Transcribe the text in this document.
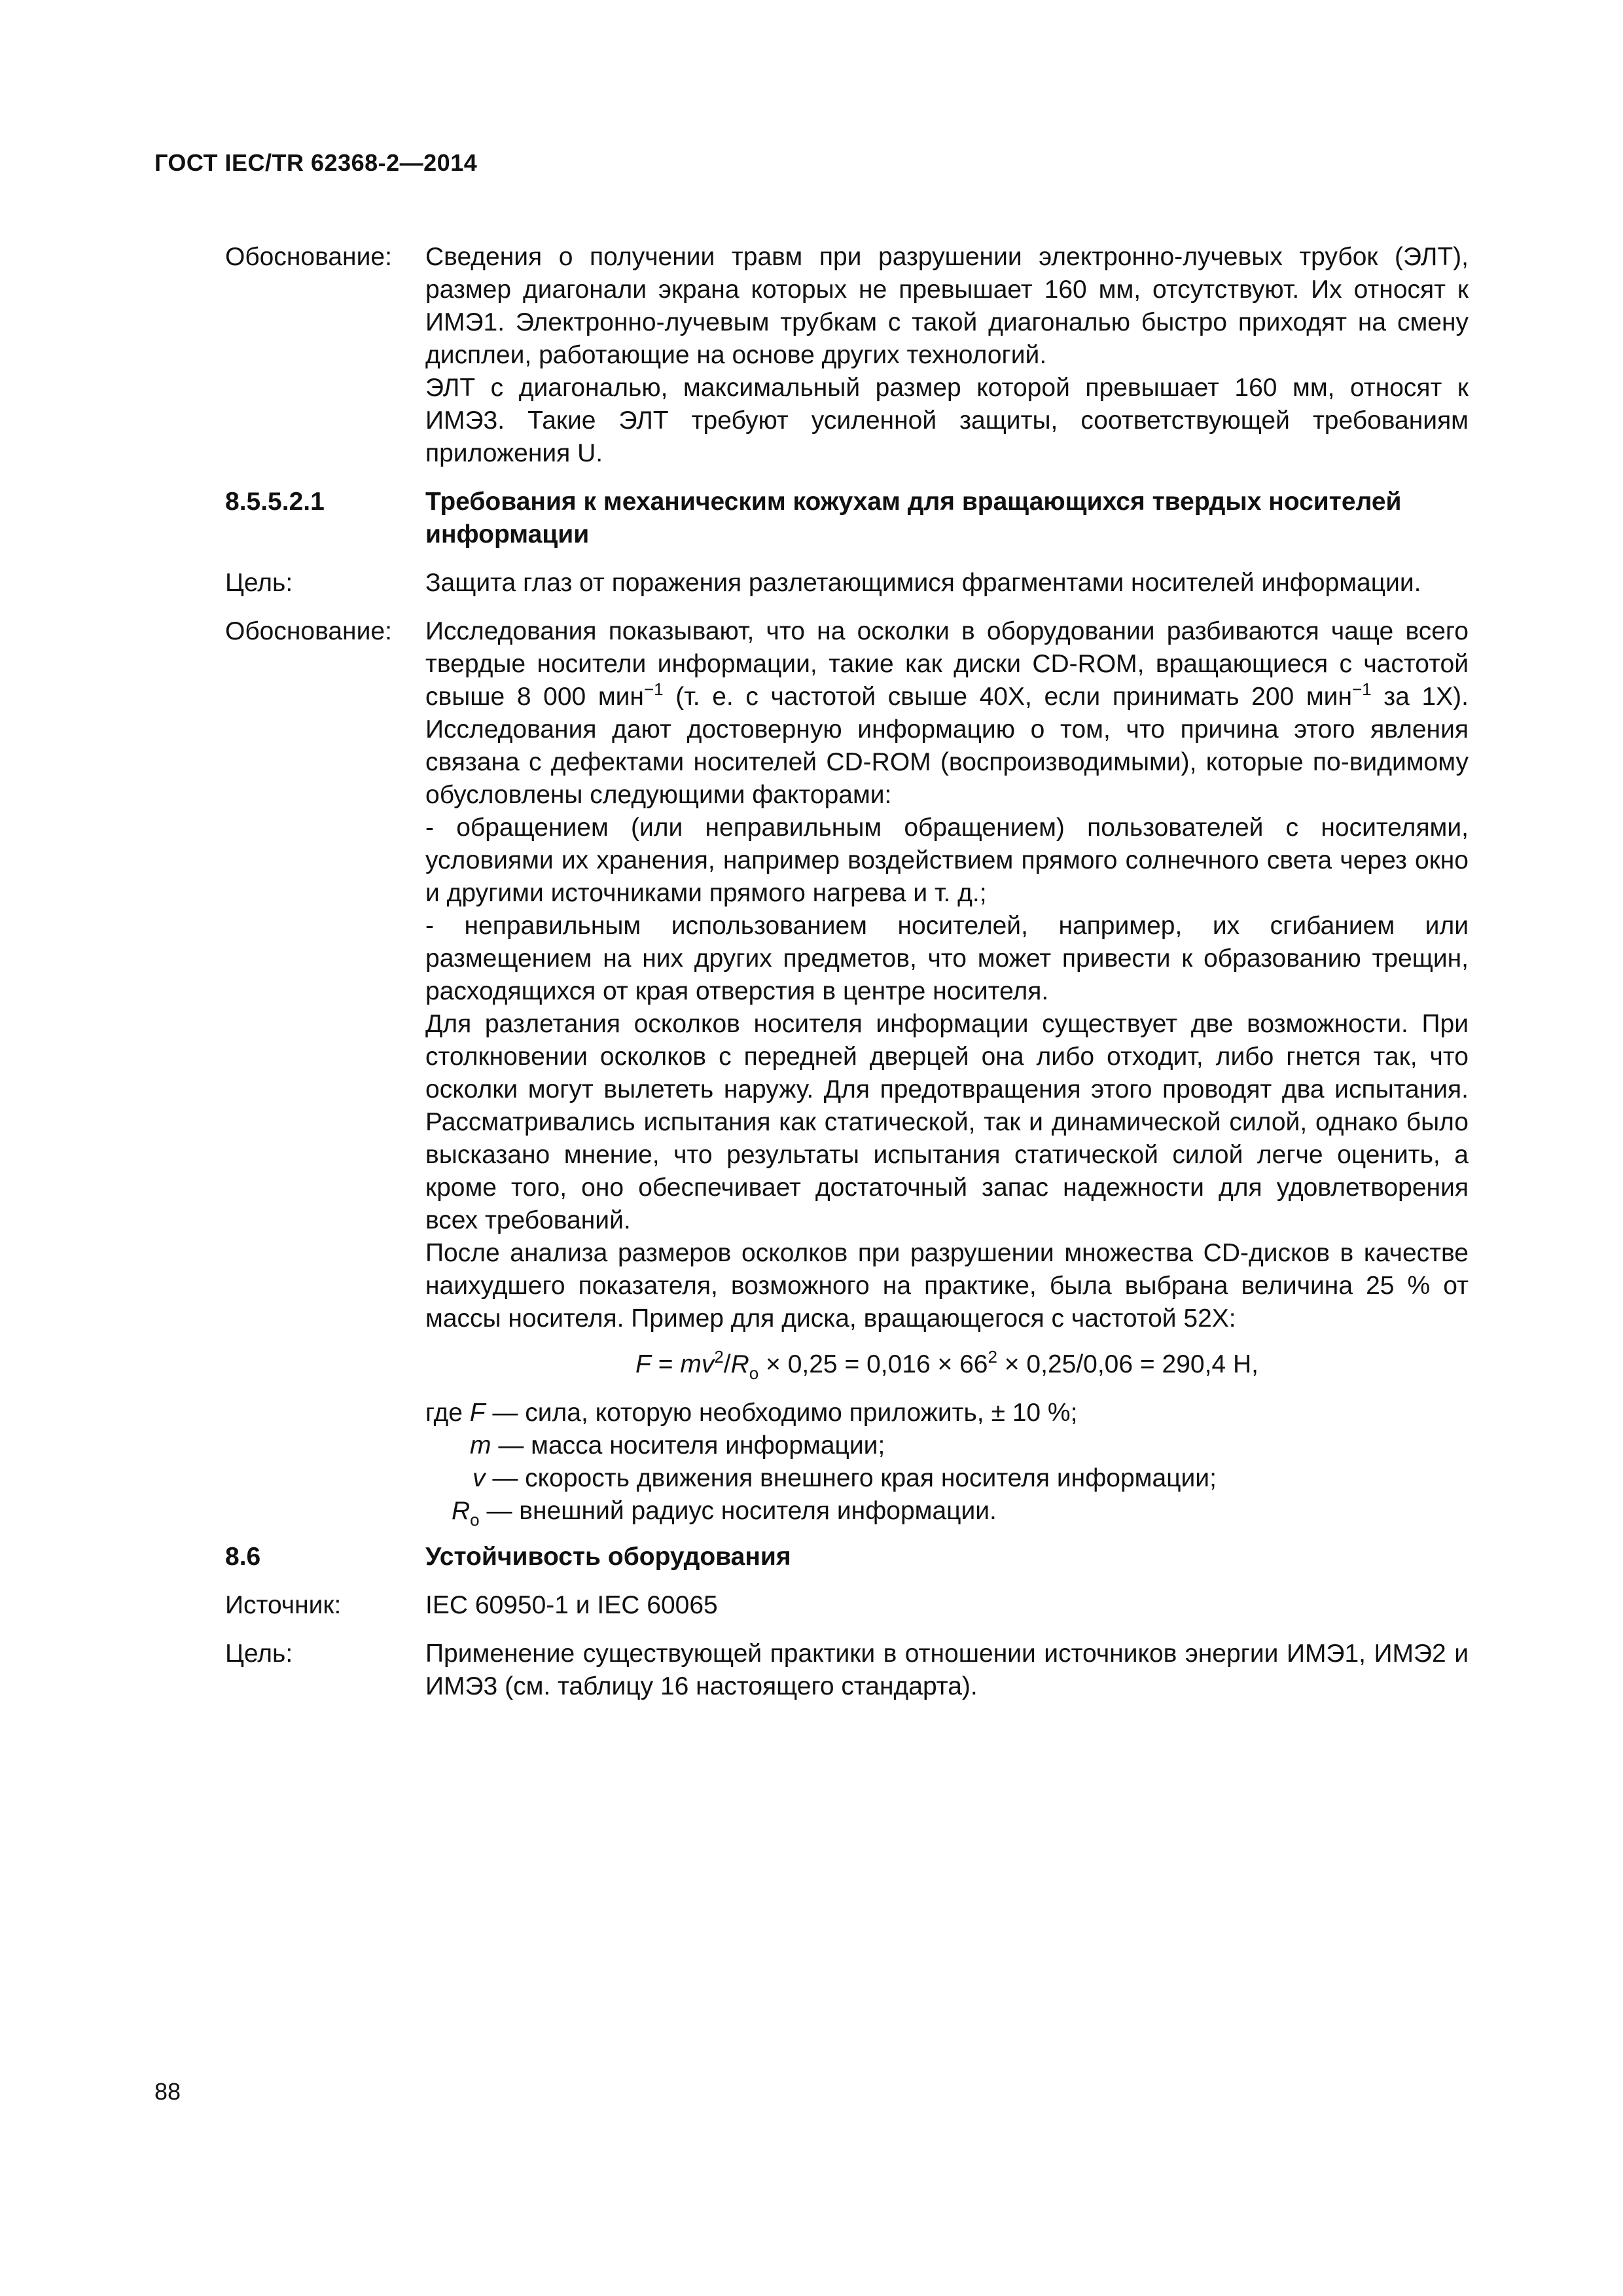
ГОСТ IEC/TR 62368-2—2014
Обоснование:	Сведения о получении травм при разрушении электронно-лучевых трубок (ЭЛТ), размер диагонали экрана которых не превышает 160 мм, отсутствуют. Их относят к ИМЭ1. Электронно-лучевым трубкам с такой диагональю быстро приходят на смену дисплеи, работающие на основе других технологий.

ЭЛТ с диагональю, максимальный размер которой превышает 160 мм, относят к ИМЭ3. Такие ЭЛТ требуют усиленной защиты, соответствующей требованиям приложения U.

8.5.5.2.1	Требования к механическим кожухам для вращающихся твердых носителей информации
Цель:	Защита глаз от поражения разлетающимися фрагментами носителей информации.
Обоснование:	Исследования показывают, что на осколки в оборудовании разбиваются чаще всего твердые носители информации, такие как диски CD-ROM, вращающиеся с частотой свыше 8 000 мин$^{-1}$ (т. е. с частотой свыше 40X, если принимать 200 мин$^{-1}$ за 1X). Исследования дают достоверную информацию о том, что причина этого явления связана с дефектами носителей CD-ROM (воспроизводимыми), которые по-видимому обусловлены следующими факторами:

- обращением (или неправильным обращением) пользователей с носителями, условиями их хранения, например воздействием прямого солнечного света через окно и другими источниками прямого нагрева и т. д.;

- неправильным использованием носителей, например, их сгибанием или размещением на них других предметов, что может привести к образованию трещин, расходящихся от края отверстия в центре носителя.

Для разлетания осколков носителя информации существует две возможности. При столкновении осколков с передней дверцей она либо отходит, либо гнется так, что осколки могут вылететь наружу. Для предотвращения этого проводят два испытания. Рассматривались испытания как статической, так и динамической силой, однако было высказано мнение, что результаты испытания статической силой легче оценить, а кроме того, оно обеспечивает достаточный запас надежности для удовлетворения всех требований.

После анализа размеров осколков при разрушении множества CD-дисков в качестве наихудшего показателя, возможного на практике, была выбрана величина 25 % от массы носителя. Пример для диска, вращающегося с частотой 52X:

$F = mv^2/R_o \times 0,25 = 0,016 \times 66^2 \times 0,25/0,06 = 290,4$ Н,
где F — сила, которую необходимо приложить, ± 10 %;
m — масса носителя информации;
v — скорость движения внешнего края носителя информации;
$R_o$ — внешний радиус носителя информации.
8.6	Устойчивость оборудования
Источник:	IEC 60950-1 и IEC 60065
Цель:	Применение существующей практики в отношении источников энергии ИМЭ1, ИМЭ2 и ИМЭ3 (см. таблицу 16 настоящего стандарта).
88
